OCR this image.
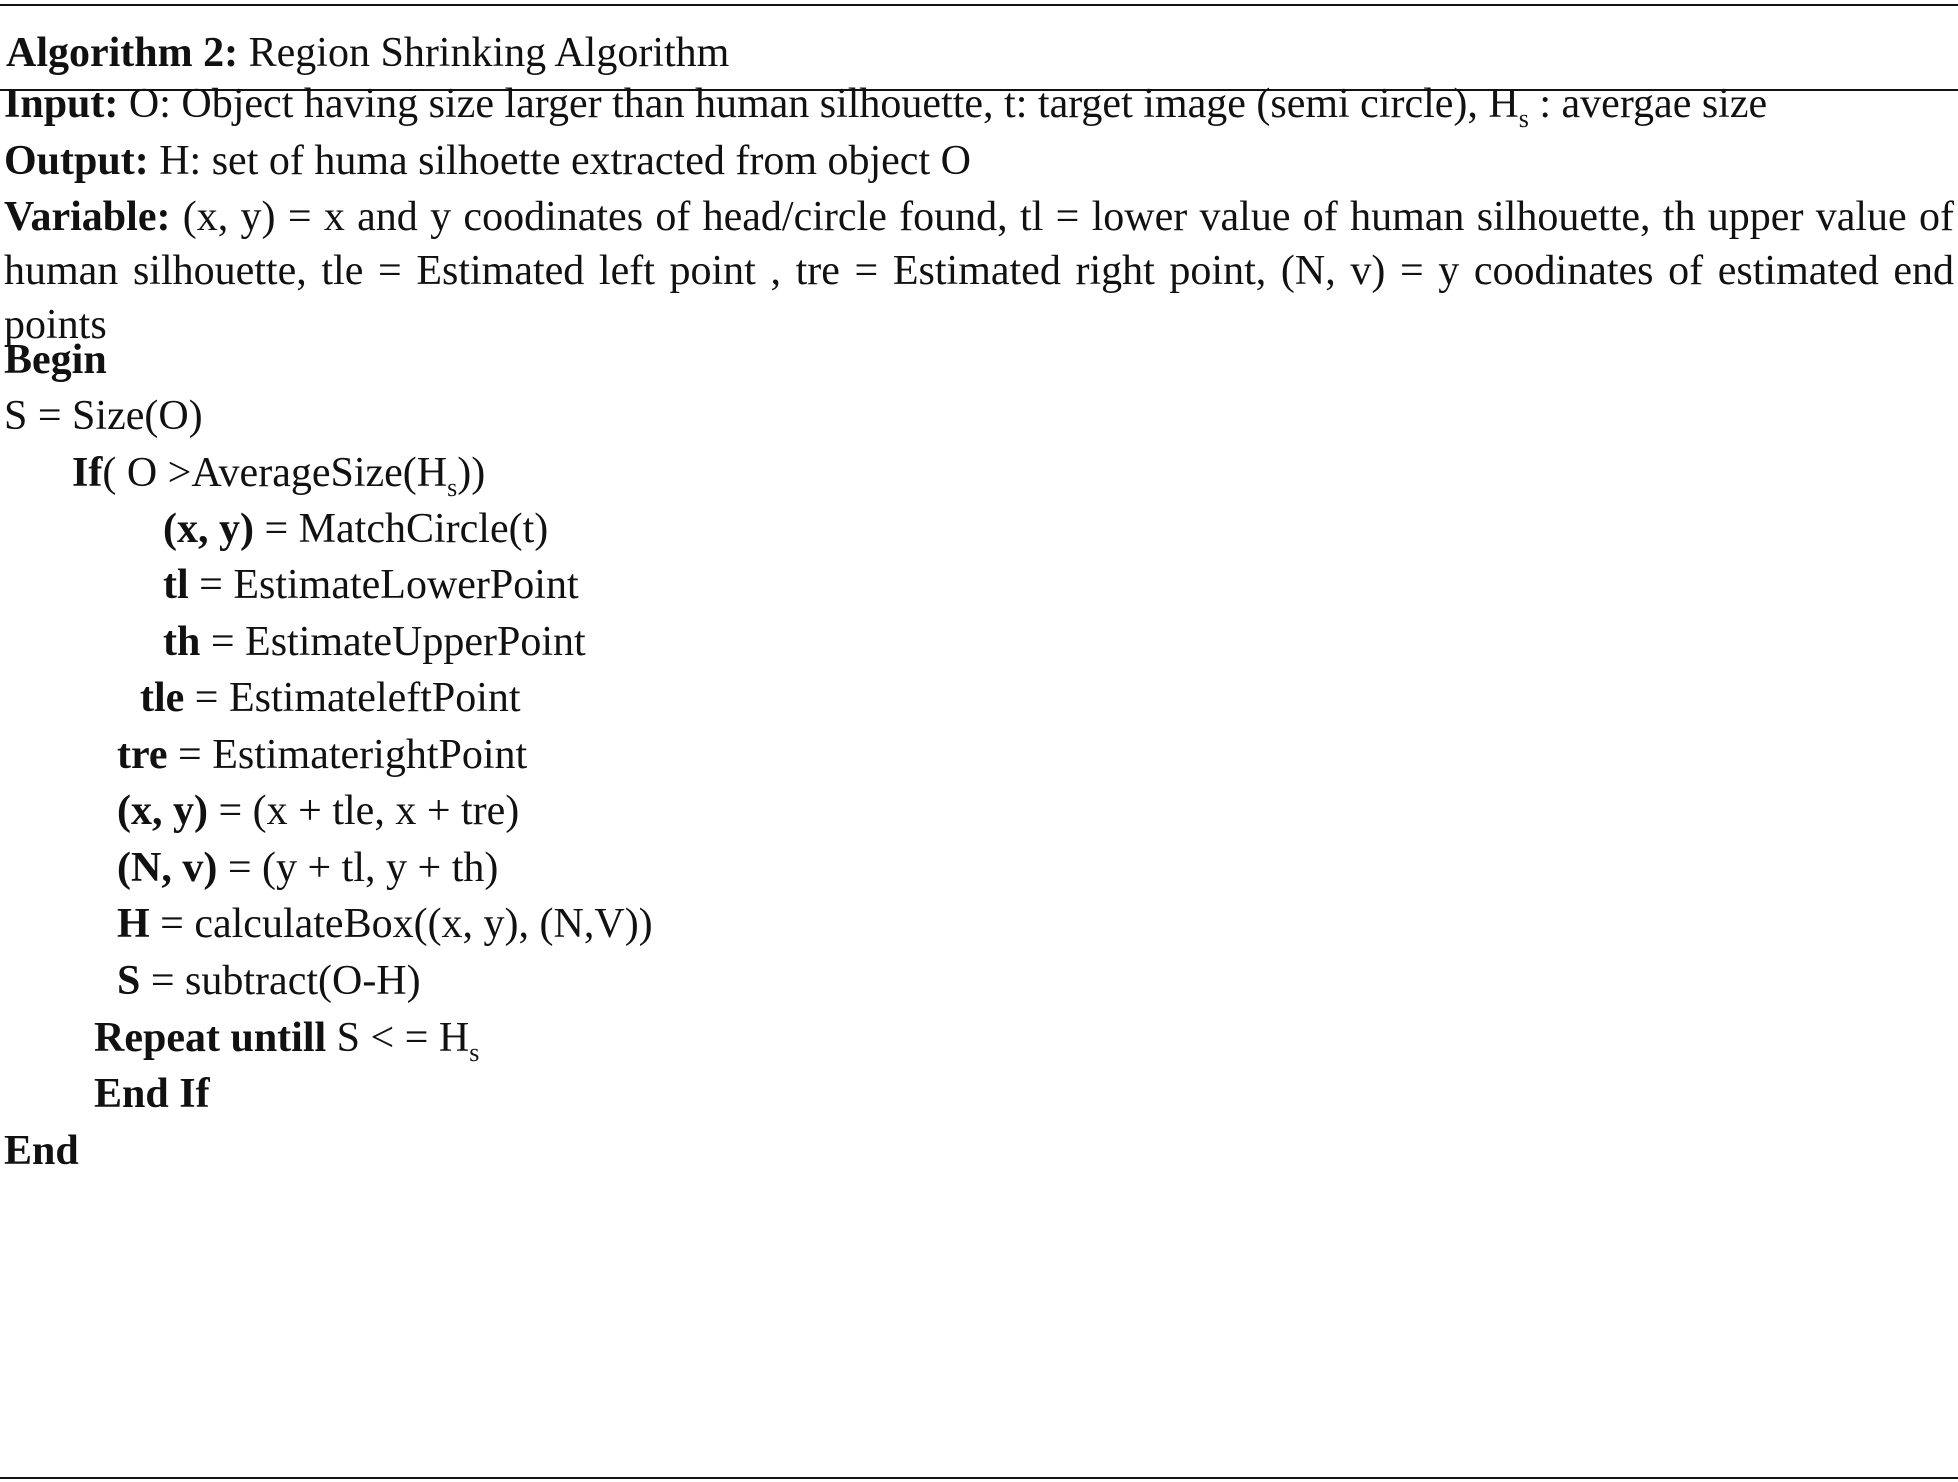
Algorithm 2: Region Shrinking Algorithm
Input: O: Object having size larger than human silhouette, t: target image (semi circle), $H_s$ : avergae size
Output: H: set of huma silhoette extracted from object O
Variable: (x, y) = x and y coodinates of head/circle found, tl = lower value of human silhouette, th upper value of human silhouette, tle = Estimated left point , tre = Estimated right point, (N, v) = y coodinates of estimated end points
Begin
S = Size(O)
If( $O >AverageSize(H_s)$)
(x, y) = MatchCircle(t)
tl = EstimateLowerPoint
th = EstimateUpperPoint
tle = EstimateleftPoint
tre = EstimaterightPoint
(x, y) = (x + tle, x + tre)
(N, v) = (y + tl, y + th)
H = calculateBox((x, y), (N,V))
S = subtract(O-H)
Repeat untill S < = $H_s$
End If
End
